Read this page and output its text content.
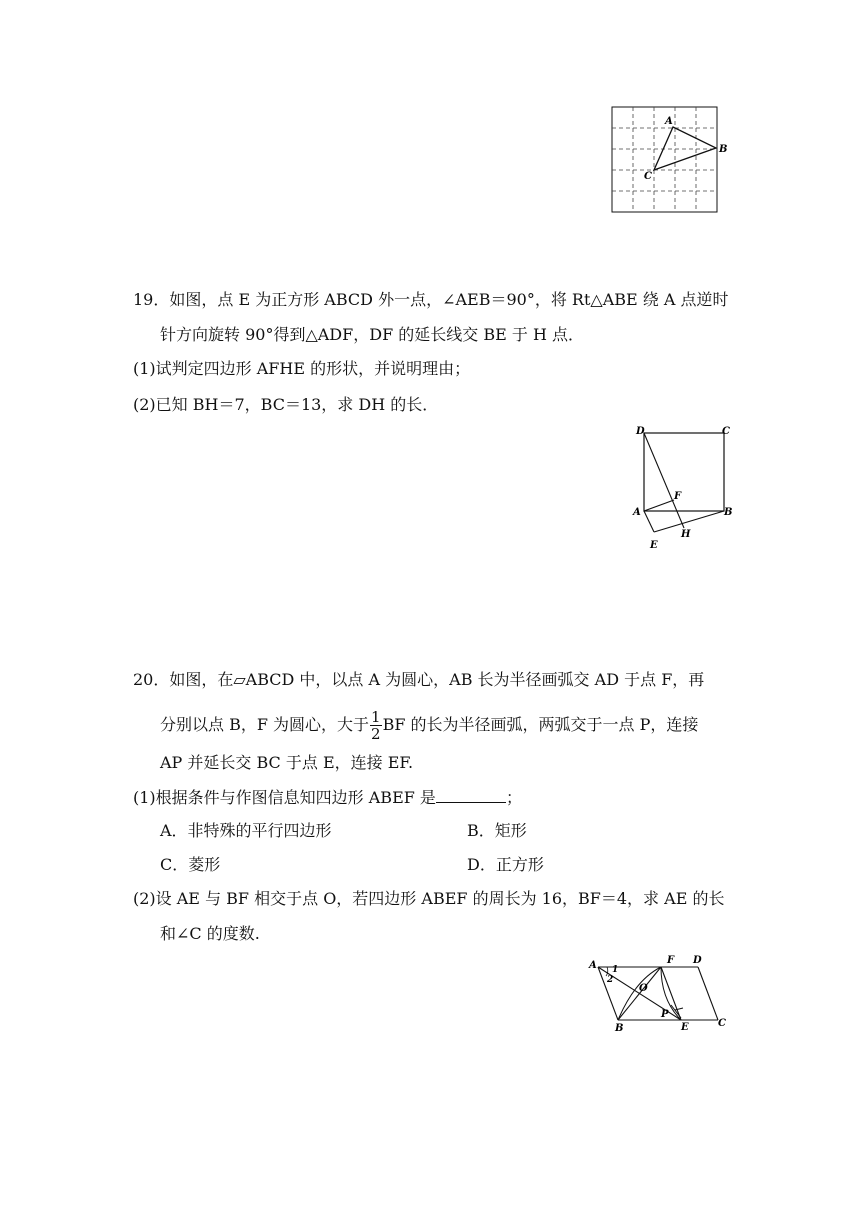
A
B
C
19．如图，点 E 为正方形 ABCD 外一点，∠AEB＝90°，将 Rt△ABE 绕 A 点逆时
针方向旋转 90°得到△ADF，DF 的延长线交 BE 于 H 点．
(1)试判定四边形 AFHE 的形状，并说明理由；
(2)已知 BH＝7，BC＝13，求 DH 的长．
D	C
F
A	B
E
H
20．如图，在▱ABCD 中，以点 A 为圆心，AB 长为半径画弧交 AD 于点 F，再
分别以点 B，F 为圆心，大于 $\frac{1}{2}$ BF 的长为半径画弧，两弧交于一点 P，连接
AP 并延长交 BC 于点 E，连接 EF.
(1)根据条件与作图信息知四边形 ABEF 是	；
A．非特殊的平行四边形	B．矩形
C．菱形	D．正方形
(2)设 AE 与 BF 相交于点 O，若四边形 ABEF 的周长为 16，BF＝4，求 AE 的长
和∠C 的度数.
A	F D
1
2
O
P
B	E	C
